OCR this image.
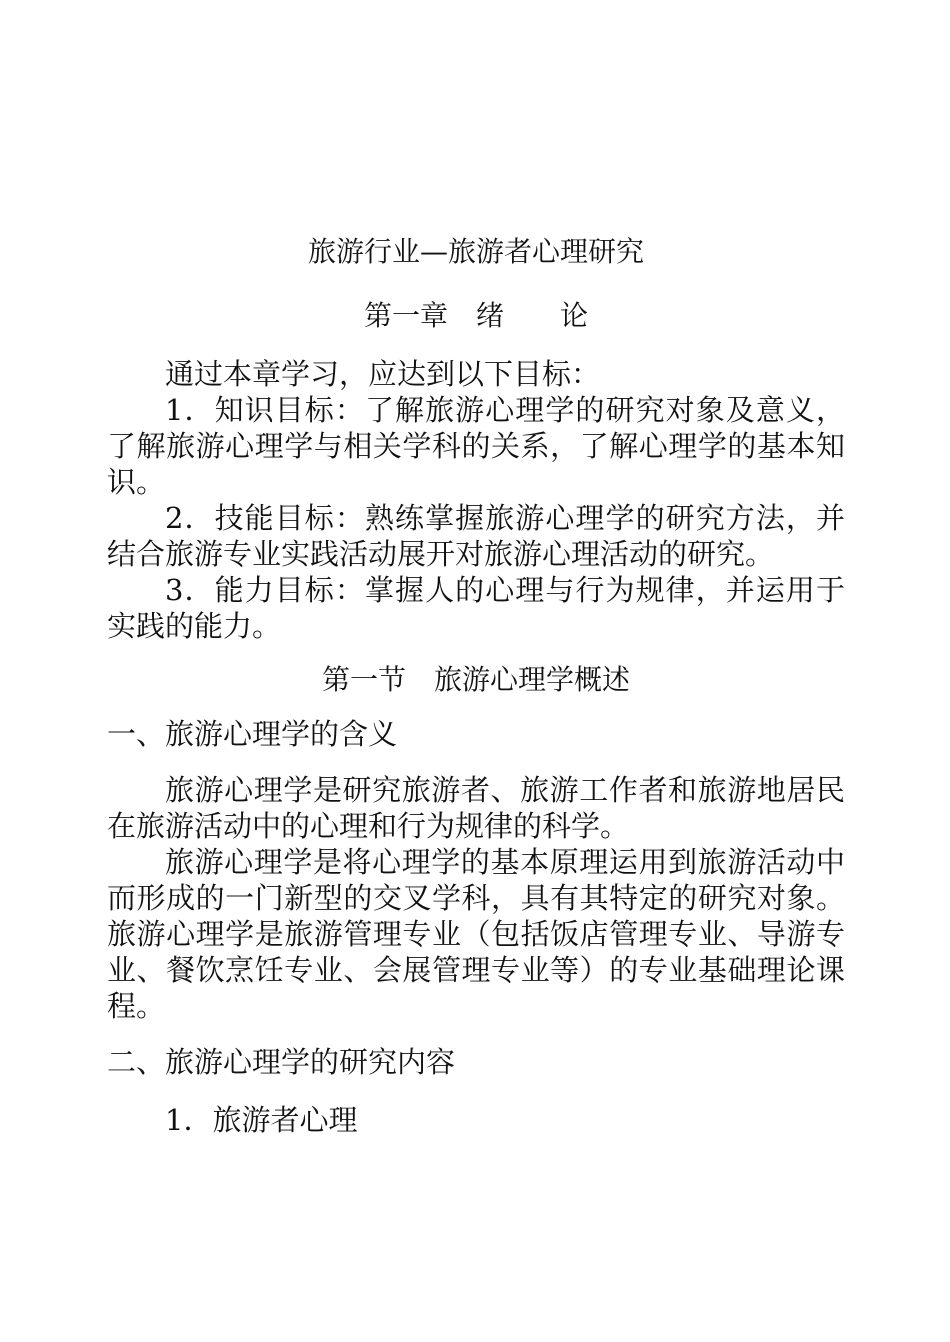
旅游行业—旅游者心理研究
第一章　绪　　论

通过本章学习，应达到以下目标：

1．知识目标：了解旅游心理学的研究对象及意义，了解旅游心理学与相关学科的关系，了解心理学的基本知识。

2．技能目标：熟练掌握旅游心理学的研究方法，并结合旅游专业实践活动展开对旅游心理活动的研究。

3．能力目标：掌握人的心理与行为规律，并运用于实践的能力。

第一节　旅游心理学概述
一、旅游心理学的含义

旅游心理学是研究旅游者、旅游工作者和旅游地居民在旅游活动中的心理和行为规律的科学。

旅游心理学是将心理学的基本原理运用到旅游活动中而形成的一门新型的交叉学科，具有其特定的研究对象。旅游心理学是旅游管理专业（包括饭店管理专业、导游专业、餐饮烹饪专业、会展管理专业等）的专业基础理论课程。

二、旅游心理学的研究内容

1．旅游者心理
